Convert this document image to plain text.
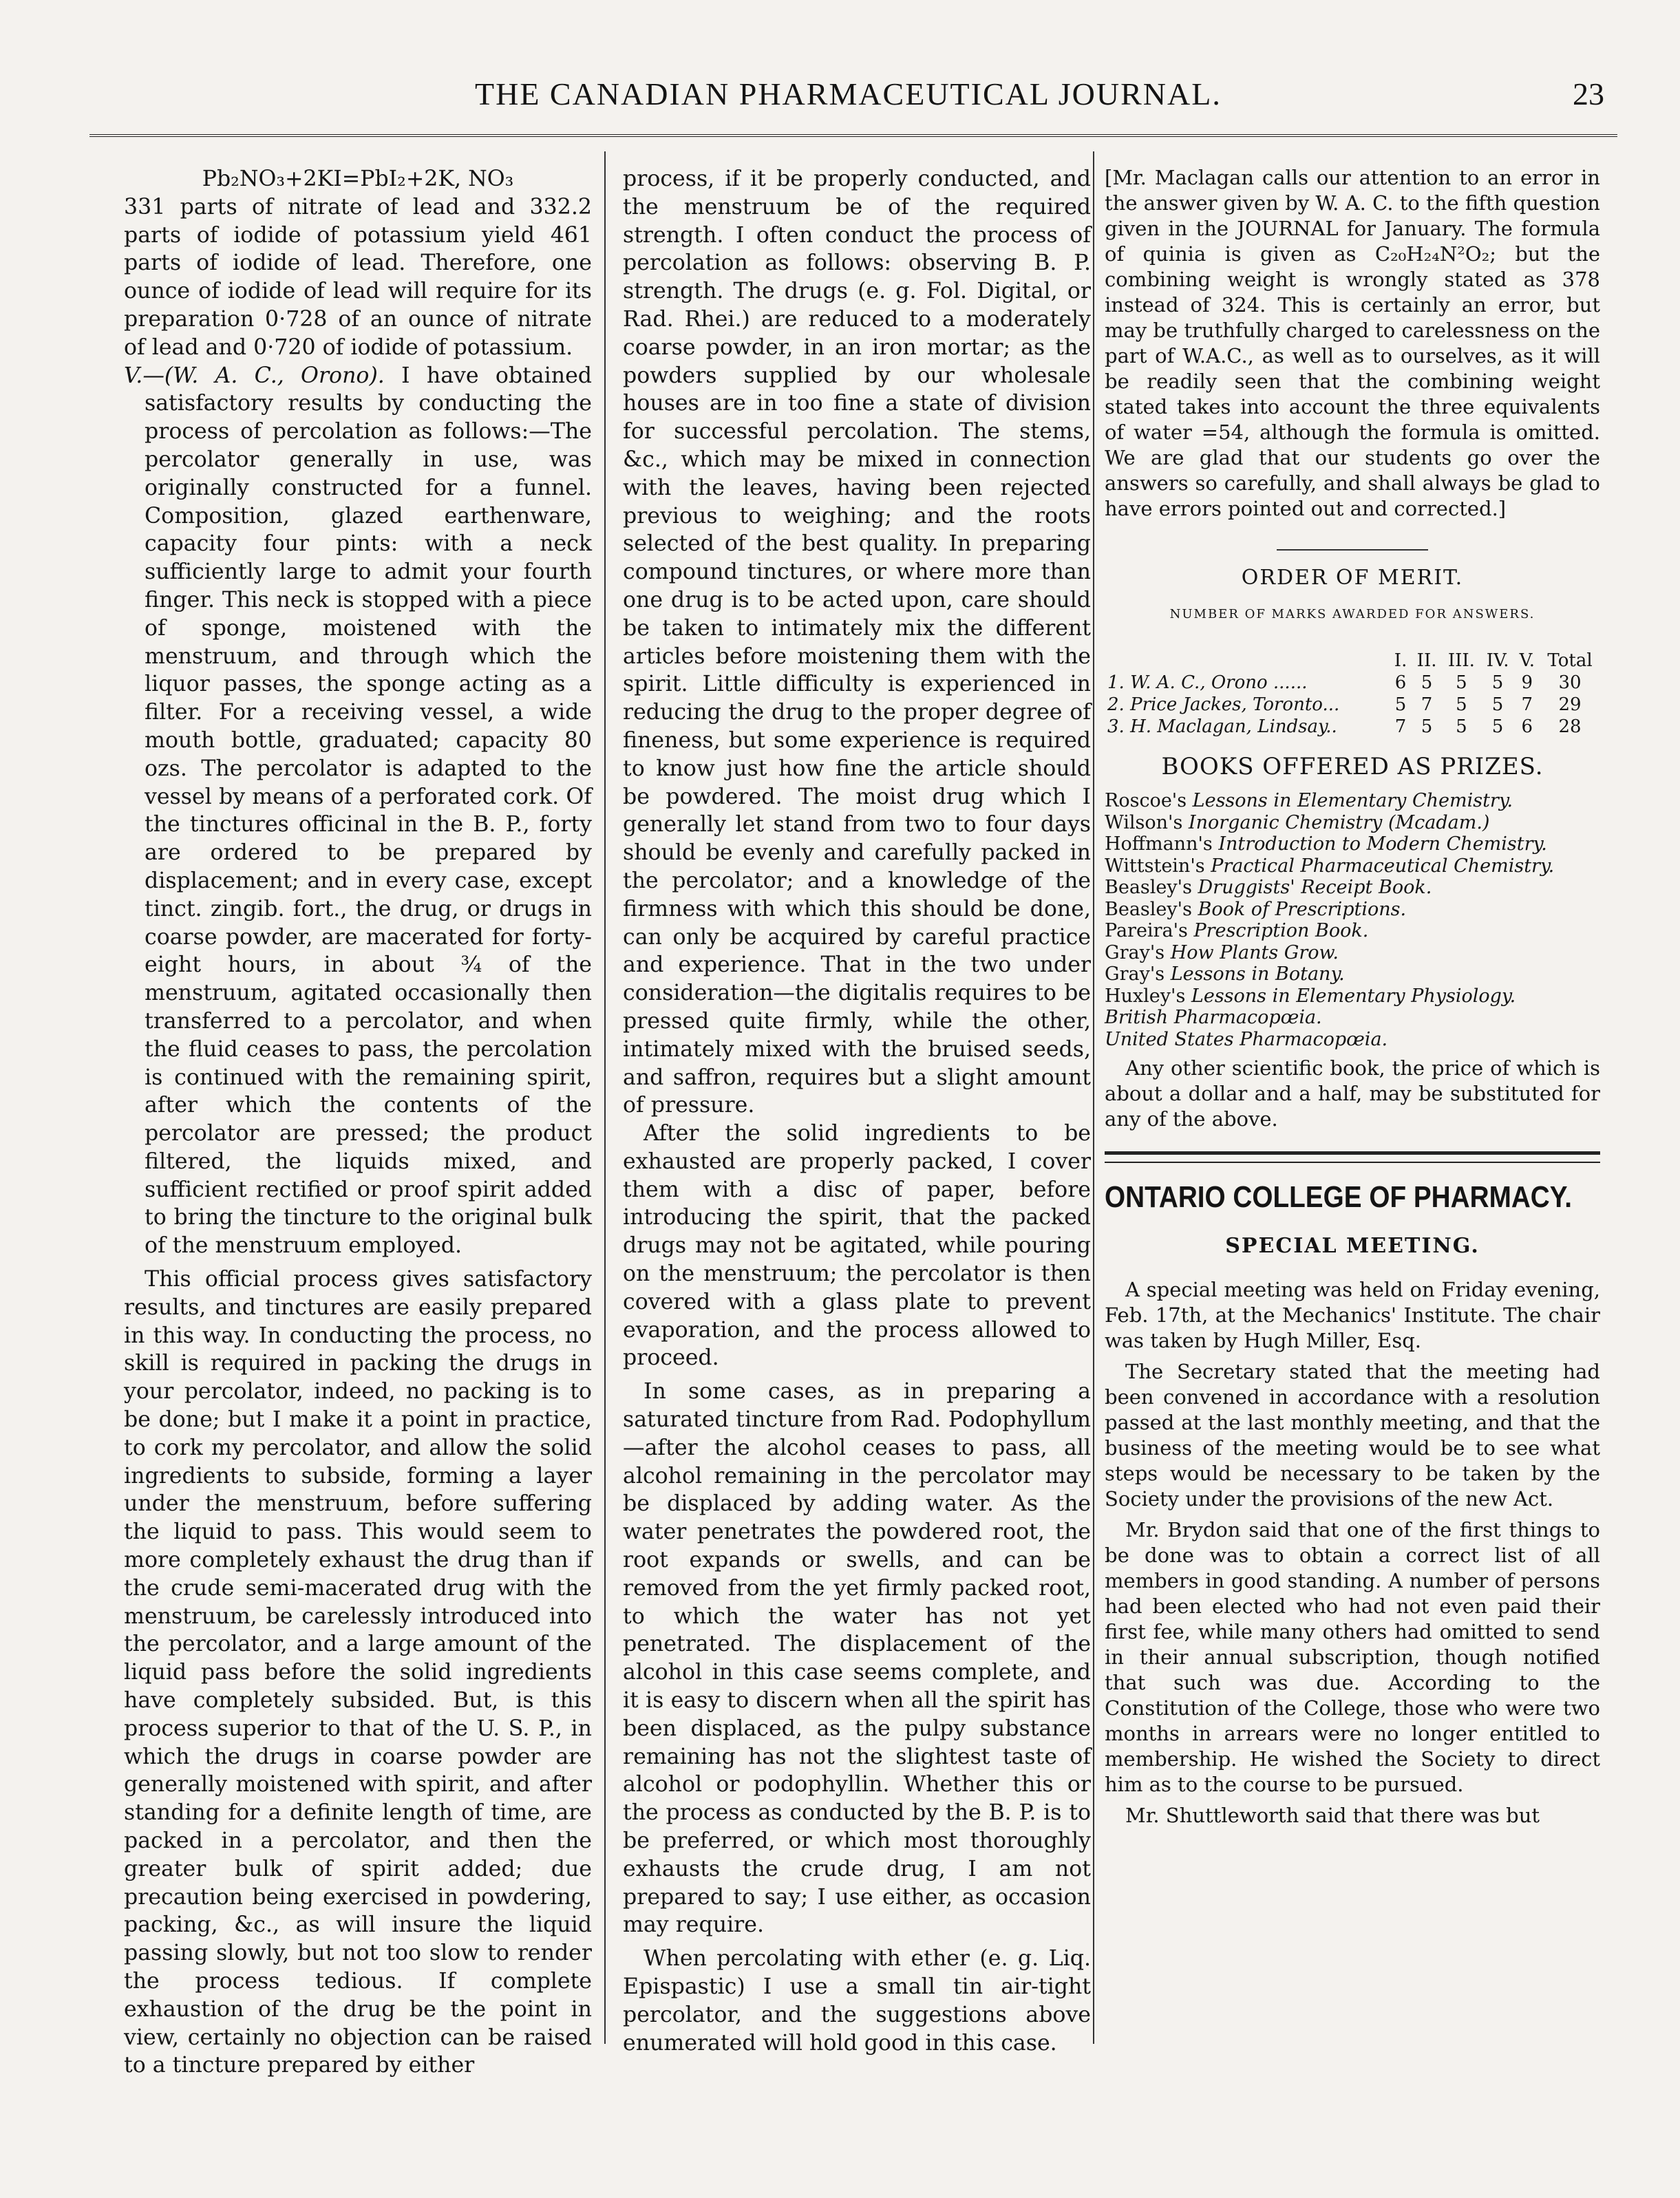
THE CANADIAN PHARMACEUTICAL JOURNAL.	23

Pb₂NO₃+2KI=PbI₂+2K, NO₃

331 parts of nitrate of lead and 332.2 parts of iodide of potassium yield 461 parts of iodide of lead. Therefore, one ounce of iodide of lead will require for its preparation 0·728 of an ounce of nitrate of lead and 0·720 of iodide of potassium.

V.—(W. A. C., Orono). I have obtained satisfactory results by conducting the process of percolation as follows:—The percolator generally in use, was originally constructed for a funnel. Composition, glazed earthenware, capacity four pints: with a neck sufficiently large to admit your fourth finger. This neck is stopped with a piece of sponge, moistened with the menstruum, and through which the liquor passes, the sponge acting as a filter. For a receiving vessel, a wide mouth bottle, graduated; capacity 80 ozs. The percolator is adapted to the vessel by means of a perforated cork. Of the tinctures officinal in the B. P., forty are ordered to be prepared by displacement; and in every case, except tinct. zingib. fort., the drug, or drugs in coarse powder, are macerated for forty-eight hours, in about ¾ of the menstruum, agitated occasionally then transferred to a percolator, and when the fluid ceases to pass, the percolation is continued with the remaining spirit, after which the contents of the percolator are pressed; the product filtered, the liquids mixed, and sufficient rectified or proof spirit added to bring the tincture to the original bulk of the menstruum employed.

This official process gives satisfactory results, and tinctures are easily prepared in this way. In conducting the process, no skill is required in packing the drugs in your percolator, indeed, no packing is to be done; but I make it a point in practice, to cork my percolator, and allow the solid ingredients to subside, forming a layer under the menstruum, before suffering the liquid to pass. This would seem to more completely exhaust the drug than if the crude semi-macerated drug with the menstruum, be carelessly introduced into the percolator, and a large amount of the liquid pass before the solid ingredients have completely subsided. But, is this process superior to that of the U. S. P., in which the drugs in coarse powder are generally moistened with spirit, and after standing for a definite length of time, are packed in a percolator, and then the greater bulk of spirit added; due precaution being exercised in powdering, packing, &c., as will insure the liquid passing slowly, but not too slow to render the process tedious. If complete exhaustion of the drug be the point in view, certainly no objection can be raised to a tincture prepared by either

process, if it be properly conducted, and the menstruum be of the required strength. I often conduct the process of percolation as follows: observing B. P. strength. The drugs (e. g. Fol. Digital, or Rad. Rhei.) are reduced to a moderately coarse powder, in an iron mortar; as the powders supplied by our wholesale houses are in too fine a state of division for successful percolation. The stems, &c., which may be mixed in connection with the leaves, having been rejected previous to weighing; and the roots selected of the best quality. In preparing compound tinctures, or where more than one drug is to be acted upon, care should be taken to intimately mix the different articles before moistening them with the spirit. Little difficulty is experienced in reducing the drug to the proper degree of fineness, but some experience is required to know just how fine the article should be powdered. The moist drug which I generally let stand from two to four days should be evenly and carefully packed in the percolator; and a knowledge of the firmness with which this should be done, can only be acquired by careful practice and experience. That in the two under consideration—the digitalis requires to be pressed quite firmly, while the other, intimately mixed with the bruised seeds, and saffron, requires but a slight amount of pressure.

After the solid ingredients to be exhausted are properly packed, I cover them with a disc of paper, before introducing the spirit, that the packed drugs may not be agitated, while pouring on the menstruum; the percolator is then covered with a glass plate to prevent evaporation, and the process allowed to proceed.

In some cases, as in preparing a saturated tincture from Rad. Podophyllum—after the alcohol ceases to pass, all alcohol remaining in the percolator may be displaced by adding water. As the water penetrates the powdered root, the root expands or swells, and can be removed from the yet firmly packed root, to which the water has not yet penetrated. The displacement of the alcohol in this case seems complete, and it is easy to discern when all the spirit has been displaced, as the pulpy substance remaining has not the slightest taste of alcohol or podophyllin. Whether this or the process as conducted by the B. P. is to be preferred, or which most thoroughly exhausts the crude drug, I am not prepared to say; I use either, as occasion may require.

When percolating with ether (e. g. Liq. Epispastic) I use a small tin air-tight percolator, and the suggestions above enumerated will hold good in this case.

[Mr. Maclagan calls our attention to an error in the answer given by W. A. C. to the fifth question given in the JOURNAL for January. The formula of quinia is given as C₂₀H₂₄N²O₂; but the combining weight is wrongly stated as 378 instead of 324. This is certainly an error, but may be truthfully charged to carelessness on the part of W.A.C., as well as to ourselves, as it will be readily seen that the combining weight stated takes into account the three equivalents of water =54, although the formula is omitted. We are glad that our students go over the answers so carefully, and shall always be glad to have errors pointed out and corrected.]

ORDER OF MERIT.
NUMBER OF MARKS AWARDED FOR ANSWERS.
	I.	II.	III.	IV.	V.	Total
1. W. A. C., Orono ......	6	5	5	5	9	30
2. Price Jackes, Toronto...	5	7	5	5	7	29
3. H. Maclagan, Lindsay..	7	5	5	5	6	28
BOOKS OFFERED AS PRIZES.
Roscoe's Lessons in Elementary Chemistry.
Wilson's Inorganic Chemistry (Mcadam.)
Hoffmann's Introduction to Modern Chemistry.
Wittstein's Practical Pharmaceutical Chemistry.
Beasley's Druggists' Receipt Book.
Beasley's Book of Prescriptions.
Pareira's Prescription Book.
Gray's How Plants Grow.
Gray's Lessons in Botany.
Huxley's Lessons in Elementary Physiology.
British Pharmacopœia.
United States Pharmacopœia.

Any other scientific book, the price of which is about a dollar and a half, may be substituted for any of the above.

ONTARIO COLLEGE OF PHARMACY.
SPECIAL MEETING.

A special meeting was held on Friday evening, Feb. 17th, at the Mechanics' Institute. The chair was taken by Hugh Miller, Esq.

The Secretary stated that the meeting had been convened in accordance with a resolution passed at the last monthly meeting, and that the business of the meeting would be to see what steps would be necessary to be taken by the Society under the provisions of the new Act.

Mr. Brydon said that one of the first things to be done was to obtain a correct list of all members in good standing. A number of persons had been elected who had not even paid their first fee, while many others had omitted to send in their annual subscription, though notified that such was due. According to the Constitution of the College, those who were two months in arrears were no longer entitled to membership. He wished the Society to direct him as to the course to be pursued.

Mr. Shuttleworth said that there was but
